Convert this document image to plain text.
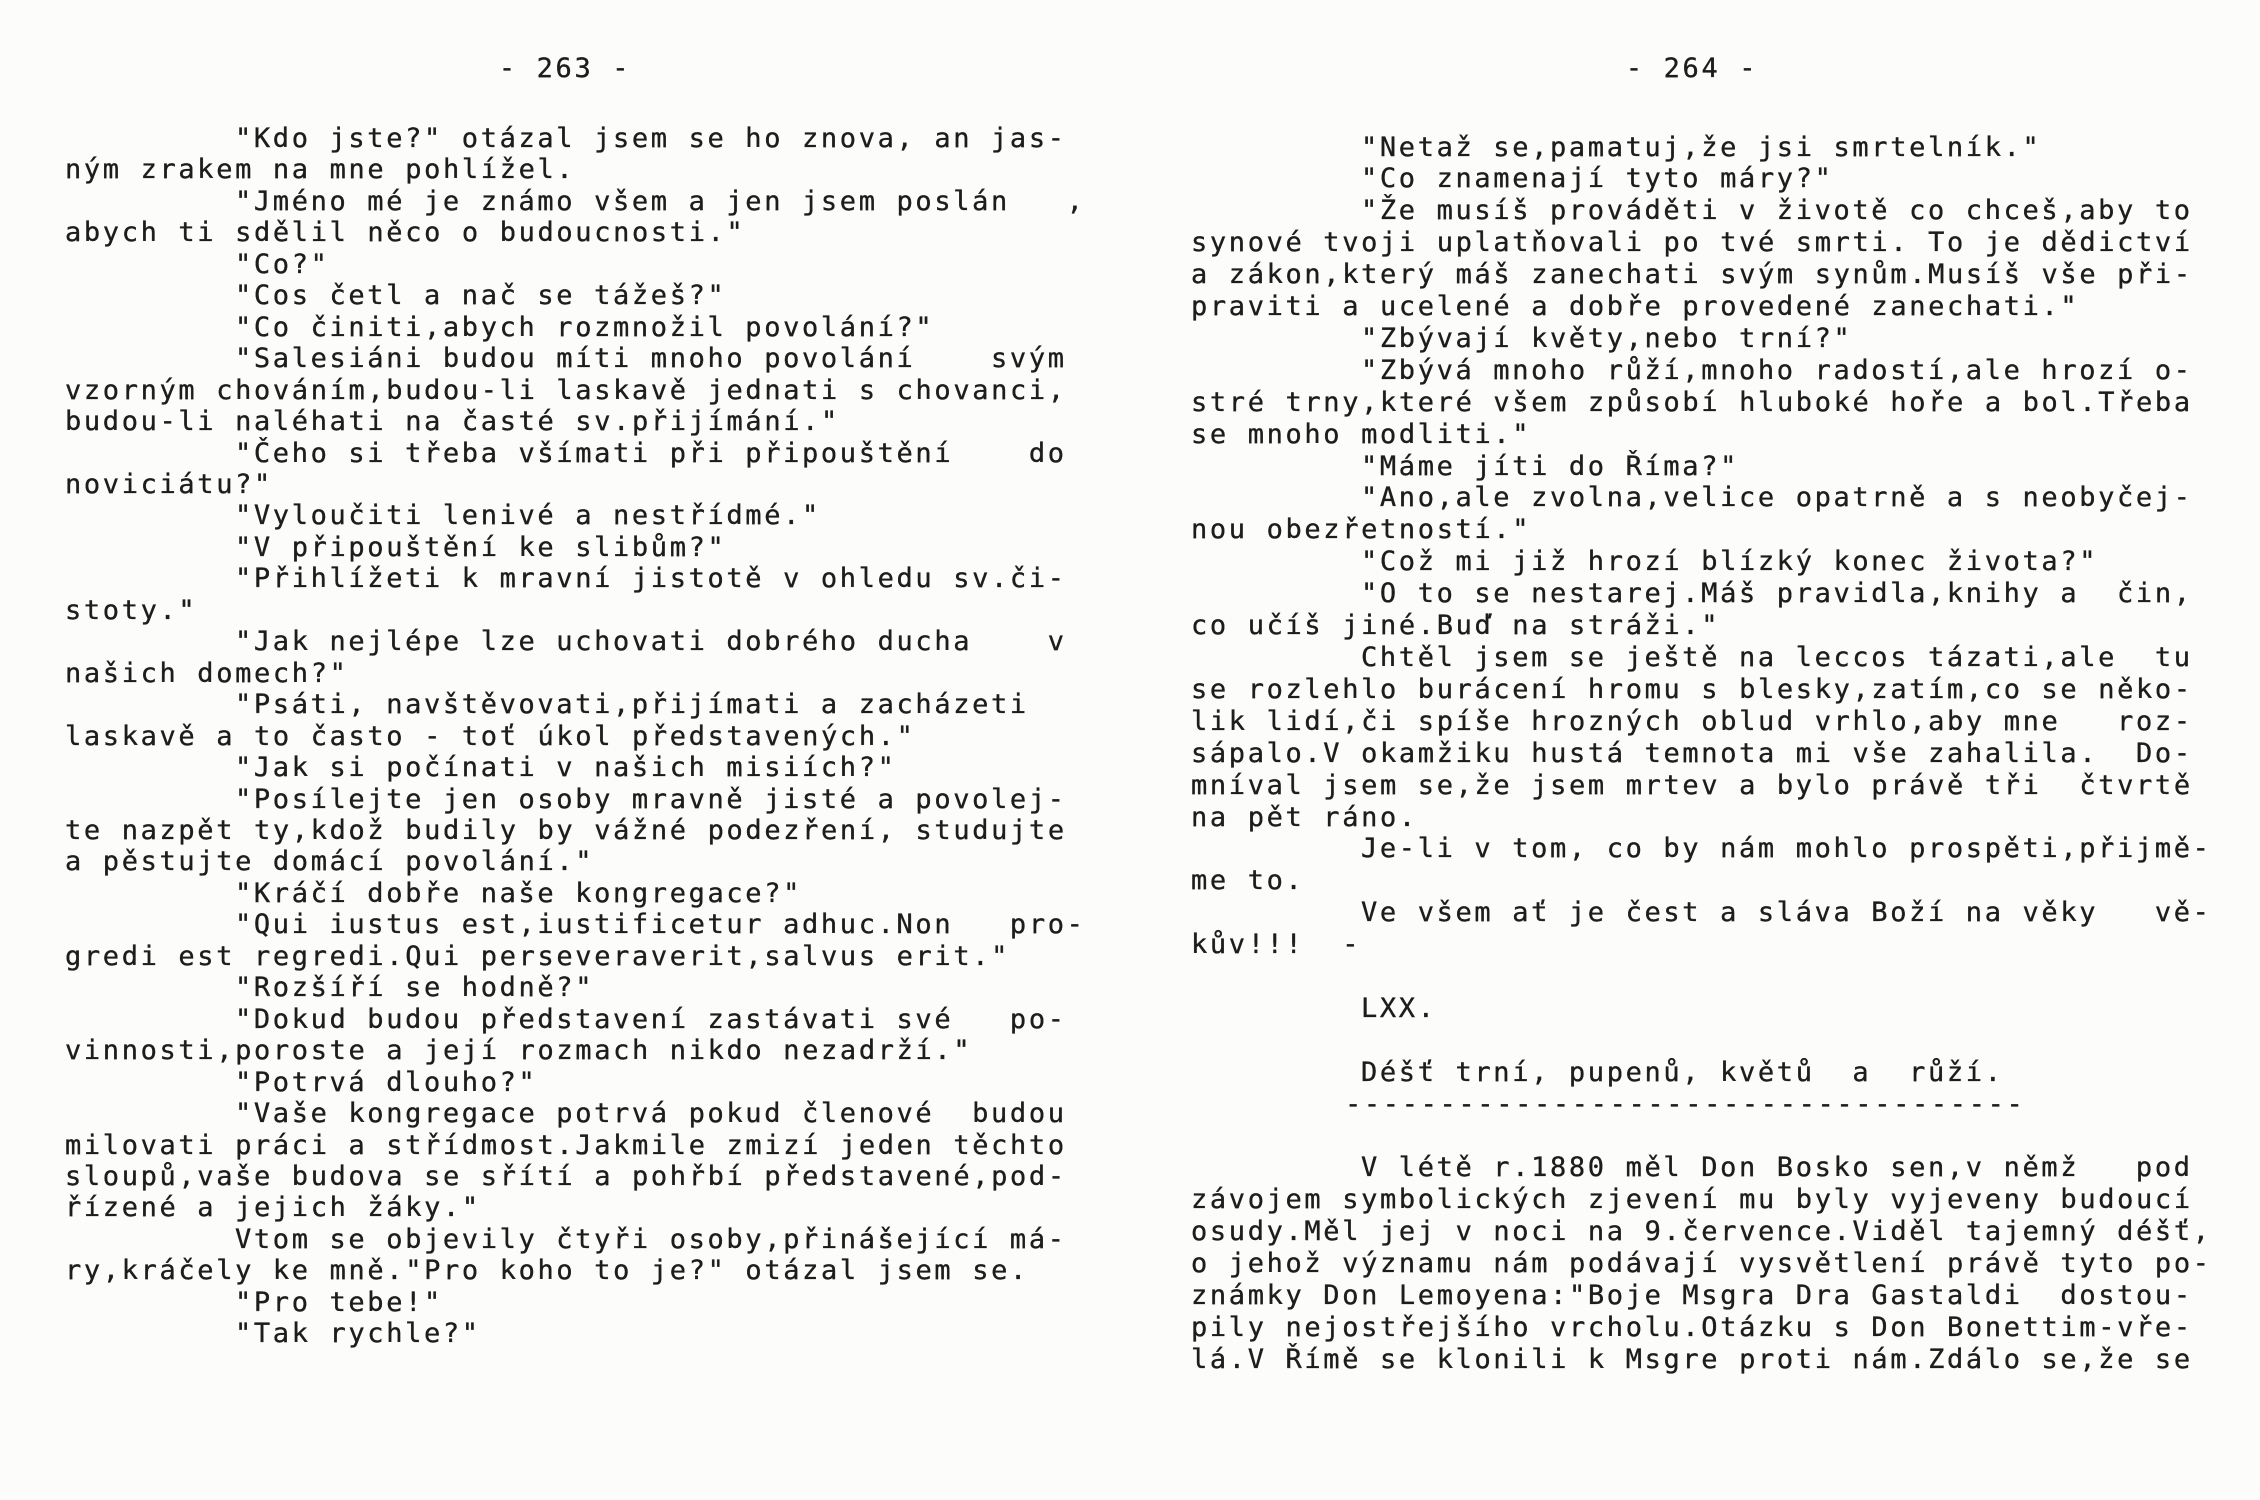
- 263 -
"Kdo jste?" otázal jsem se ho znova, an jas-
ným zrakem na mne pohlížel.
"Jméno mé je známo všem a jen jsem poslán   ,
abych ti sdělil něco o budoucnosti."
"Co?"
"Cos četl a nač se tážeš?"
"Co činiti,abych rozmnožil povolání?"
"Salesiáni budou míti mnoho povolání    svým
vzorným chováním,budou-li laskavě jednati s chovanci,
budou-li naléhati na časté sv.přijímání."
"Čeho si třeba všímati při připouštění    do
noviciátu?"
"Vyloučiti lenivé a nestřídmé."
"V připouštění ke slibům?"
"Přihlížeti k mravní jistotě v ohledu sv.či-
stoty."
"Jak nejlépe lze uchovati dobrého ducha    v
našich domech?"
"Psáti, navštěvovati,přijímati a zacházeti
laskavě a to často - toť úkol představených."
"Jak si počínati v našich misiích?"
"Posílejte jen osoby mravně jisté a povolej-
te nazpět ty,kdož budily by vážné podezření, studujte
a pěstujte domácí povolání."
"Kráčí dobře naše kongregace?"
"Qui iustus est,iustificetur adhuc.Non   pro-
gredi est regredi.Qui perseveraverit,salvus erit."
"Rozšíří se hodně?"
"Dokud budou představení zastávati své   po-
vinnosti,poroste a její rozmach nikdo nezadrží."
"Potrvá dlouho?"
"Vaše kongregace potrvá pokud členové  budou
milovati práci a střídmost.Jakmile zmizí jeden těchto
sloupů,vaše budova se sřítí a pohřbí představené,pod-
řízené a jejich žáky."
Vtom se objevily čtyři osoby,přinášející má-
ry,kráčely ke mně."Pro koho to je?" otázal jsem se.
"Pro tebe!"
"Tak rychle?"
- 264 -
"Netaž se,pamatuj,že jsi smrtelník."
"Co znamenají tyto máry?"
"Že musíš prováděti v životě co chceš,aby to
synové tvoji uplatňovali po tvé smrti. To je dědictví
a zákon,který máš zanechati svým synům.Musíš vše při-
praviti a ucelené a dobře provedené zanechati."
"Zbývají květy,nebo trní?"
"Zbývá mnoho růží,mnoho radostí,ale hrozí o-
stré trny,které všem způsobí hluboké hoře a bol.Třeba
se mnoho modliti."
"Máme jíti do Říma?"
"Ano,ale zvolna,velice opatrně a s neobyčej-
nou obezřetností."
"Což mi již hrozí blízký konec života?"
"O to se nestarej.Máš pravidla,knihy a  čin,
co učíš jiné.Buď na stráži."
Chtěl jsem se ještě na leccos tázati,ale  tu
se rozlehlo burácení hromu s blesky,zatím,co se něko-
lik lidí,či spíše hrozných oblud vrhlo,aby mne   roz-
sápalo.V okamžiku hustá temnota mi vše zahalila.  Do-
mníval jsem se,že jsem mrtev a bylo právě tři  čtvrtě
na pět ráno.
Je-li v tom, co by nám mohlo prospěti,přijmě-
me to.
Ve všem ať je čest a sláva Boží na věky   vě-
kův!!!  -
LXX.
Déšť trní, pupenů, květů  a  růží.
------------------------------------
V létě r.1880 měl Don Bosko sen,v němž   pod
závojem symbolických zjevení mu byly vyjeveny budoucí
osudy.Měl jej v noci na 9.července.Viděl tajemný déšť,
o jehož významu nám podávají vysvětlení právě tyto po-
známky Don Lemoyena:"Boje Msgra Dra Gastaldi  dostou-
pily nejostřejšího vrcholu.Otázku s Don Bonettim-vře-
lá.V Římě se klonili k Msgre proti nám.Zdálo se,že se
